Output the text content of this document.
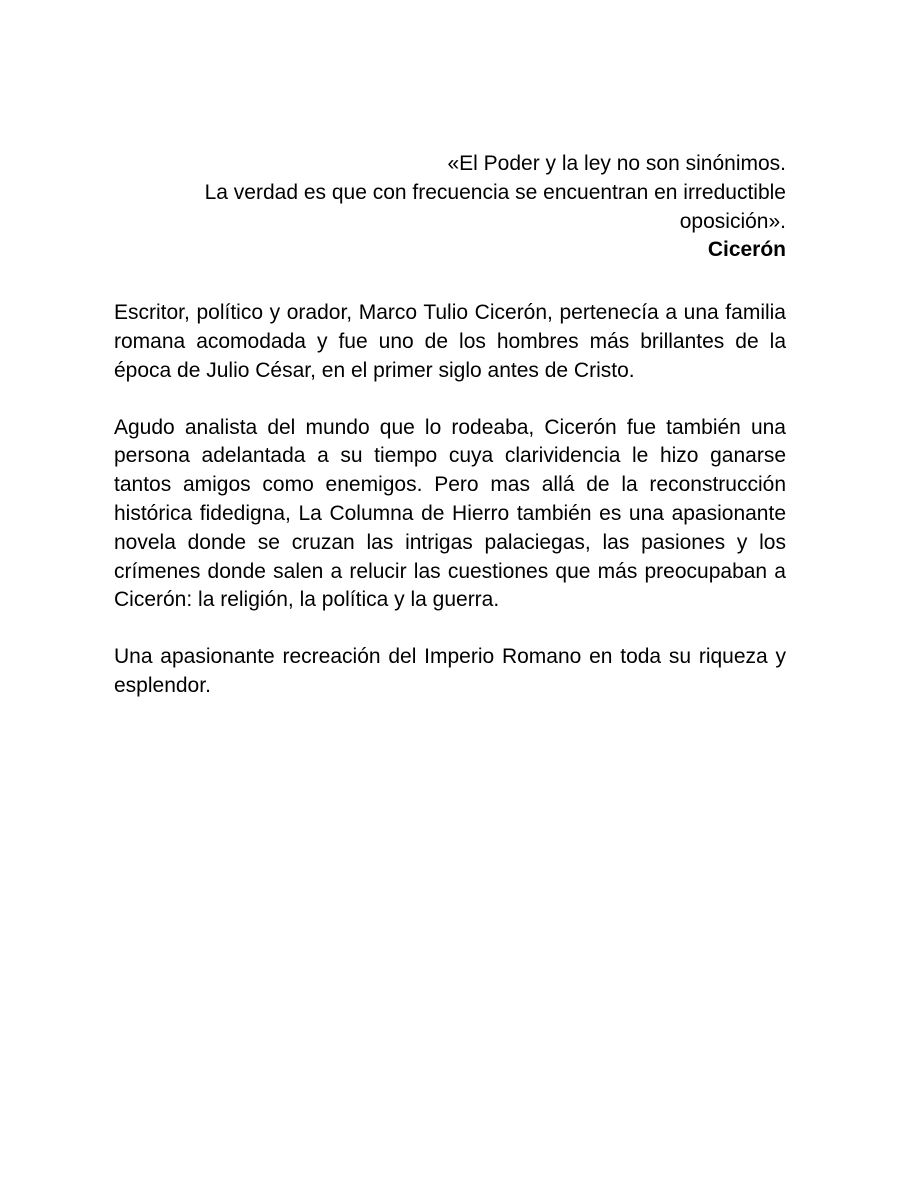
«El Poder y la ley no son sinónimos.

La verdad es que con frecuencia se encuentran en irreductible oposición».

Cicerón

Escritor, político y orador, Marco Tulio Cicerón, pertenecía a una familia romana acomodada y fue uno de los hombres más brillantes de la época de Julio César, en el primer siglo antes de Cristo.

Agudo analista del mundo que lo rodeaba, Cicerón fue también una persona adelantada a su tiempo cuya clarividencia le hizo ganarse tantos amigos como enemigos. Pero mas allá de la reconstrucción histórica fidedigna, La Columna de Hierro también es una apasionante novela donde se cruzan las intrigas palaciegas, las pasiones y los crímenes donde salen a relucir las cuestiones que más preocupaban a Cicerón: la religión, la política y la guerra.

Una apasionante recreación del Imperio Romano en toda su riqueza y esplendor.
